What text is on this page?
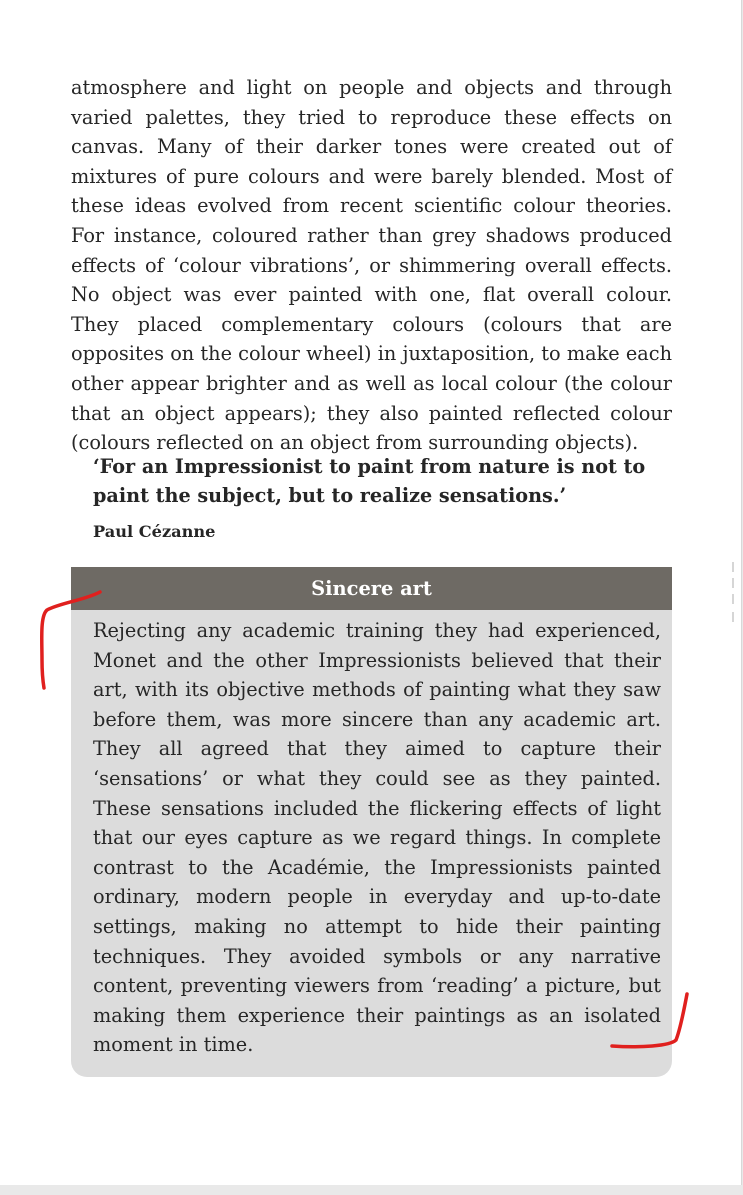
atmosphere and light on people and objects and through varied palettes, they tried to reproduce these effects on canvas. Many of their darker tones were created out of mixtures of pure colours and were barely blended. Most of these ideas evolved from recent scientific colour theories. For instance, coloured rather than grey shadows produced effects of ‘colour vibrations’, or shimmering overall effects. No object was ever painted with one, flat overall colour. They placed complementary colours (colours that are opposites on the colour wheel) in juxtaposition, to make each other appear brighter and as well as local colour (the colour that an object appears); they also painted reflected colour (colours reflected on an object from surrounding objects).

‘For an Impressionist to paint from nature is not to paint the subject, but to realize sensations.’

Paul Cézanne

Sincere art

Rejecting any academic training they had experienced, Monet and the other Impressionists believed that their art, with its objective methods of painting what they saw before them, was more sincere than any academic art. They all agreed that they aimed to capture their ‘sensations’ or what they could see as they painted. These sensations included the flickering effects of light that our eyes capture as we regard things. In complete contrast to the Académie, the Impressionists painted ordinary, modern people in everyday and up-to-date settings, making no attempt to hide their painting techniques. They avoided symbols or any narrative content, preventing viewers from ‘reading’ a picture, but making them experience their paintings as an isolated moment in time.
